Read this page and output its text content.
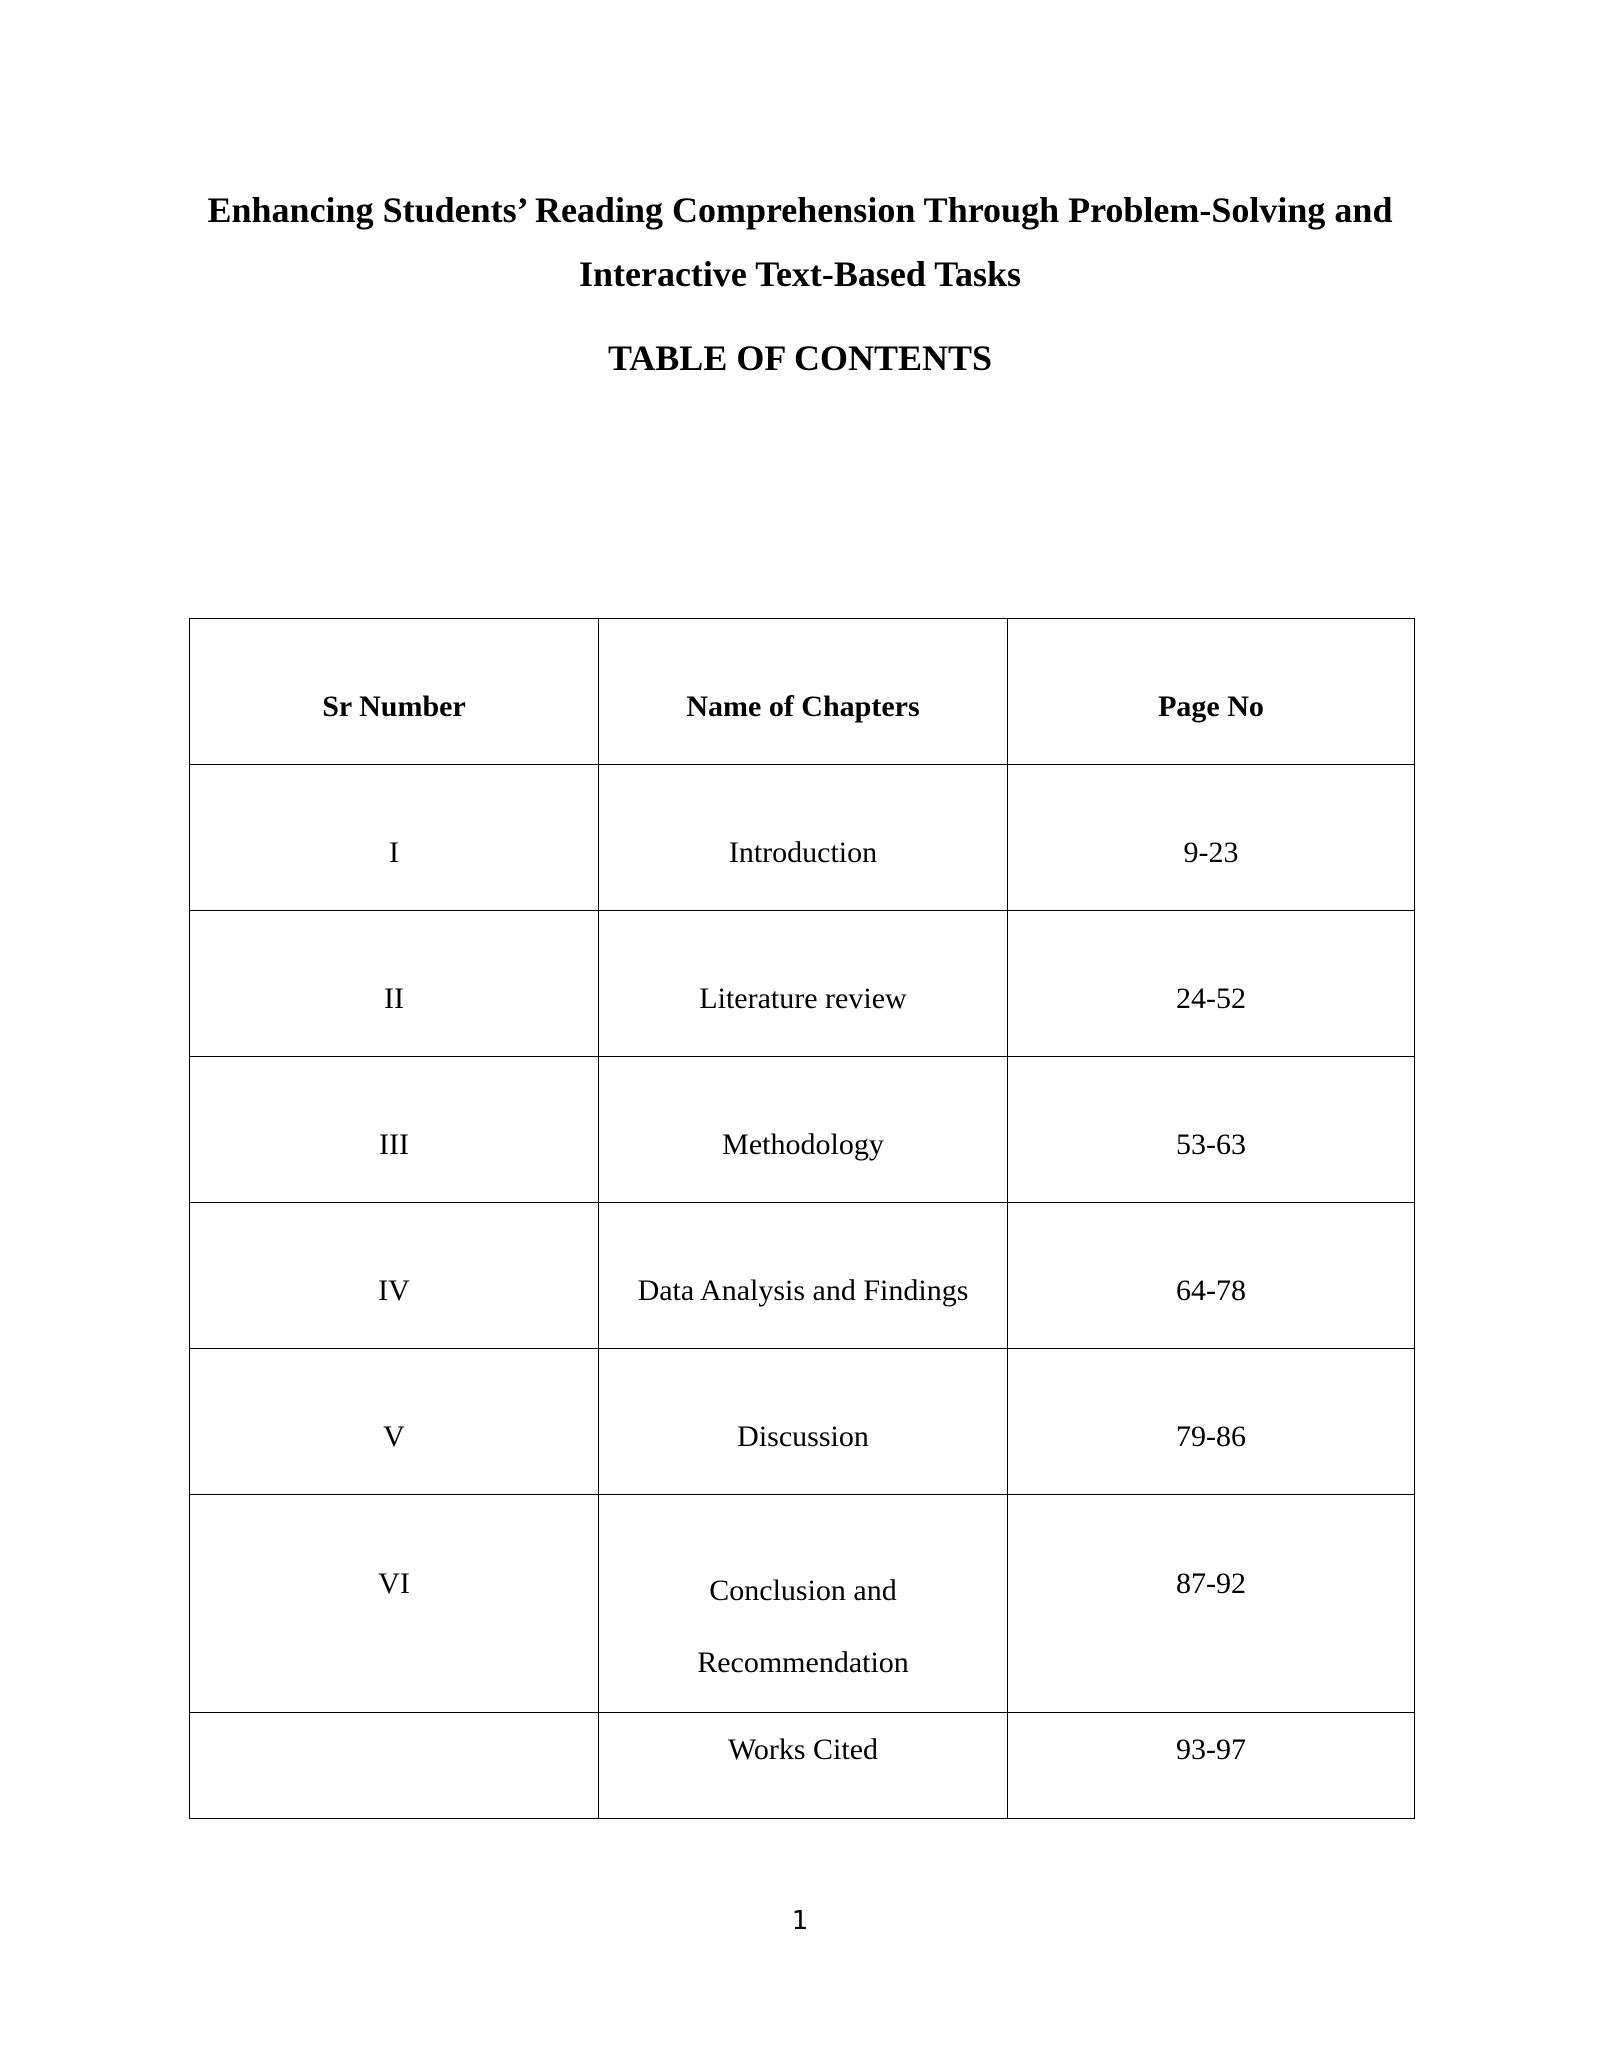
Enhancing Students’ Reading Comprehension Through Problem-Solving and
Interactive Text-Based Tasks
TABLE OF CONTENTS
Sr Number	Name of Chapters	Page No
I	Introduction	9-23
II	Literature review	24-52
III	Methodology	53-63
IV	Data Analysis and Findings	64-78
V	Discussion	79-86
VI	Conclusion and
Recommendation	87-92
	Works Cited	93-97

1
